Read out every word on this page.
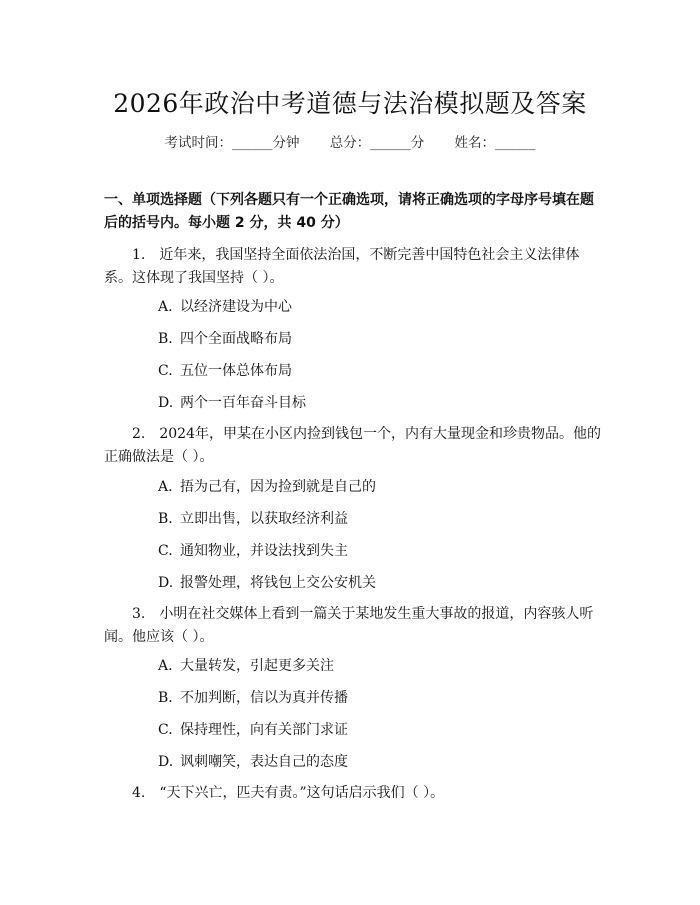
2026年政治中考道德与法治模拟题及答案
考试时间：______分钟 总分：______分 姓名：______
一、单项选择题（下列各题只有一个正确选项，请将正确选项的字母序号填在题后的括号内。每小题 2 分，共 40 分）
1. 近年来，我国坚持全面依法治国，不断完善中国特色社会主义法律体系。这体现了我国坚持（ ）。
A. 以经济建设为中心
B. 四个全面战略布局
C. 五位一体总体布局
D. 两个一百年奋斗目标
2. 2024年，甲某在小区内捡到钱包一个，内有大量现金和珍贵物品。他的正确做法是（ ）。
A. 捂为己有，因为捡到就是自己的
B. 立即出售，以获取经济利益
C. 通知物业，并设法找到失主
D. 报警处理，将钱包上交公安机关
3. 小明在社交媒体上看到一篇关于某地发生重大事故的报道，内容骇人听闻。他应该（ ）。
A. 大量转发，引起更多关注
B. 不加判断，信以为真并传播
C. 保持理性，向有关部门求证
D. 讽刺嘲笑，表达自己的态度
4. “天下兴亡，匹夫有责。”这句话启示我们（ ）。
